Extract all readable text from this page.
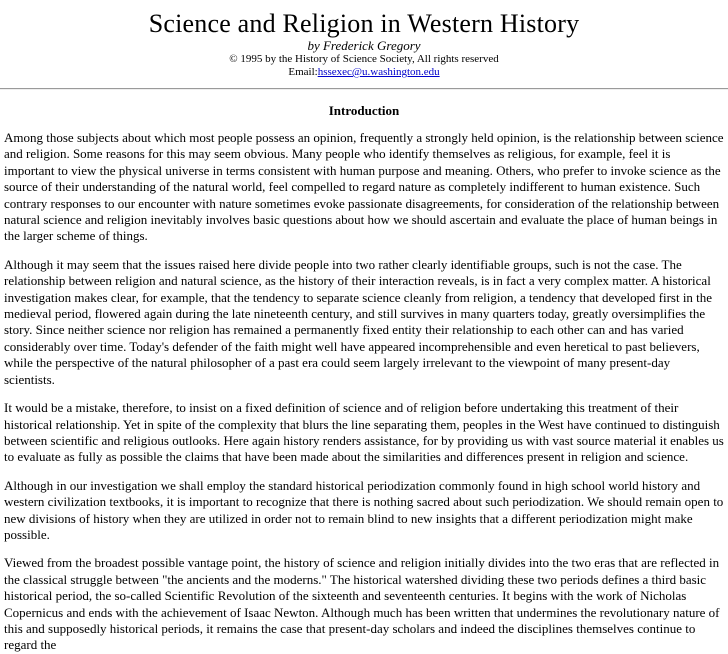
Science and Religion in Western History

by Frederick Gregory

© 1995 by the History of Science Society, All rights reserved

Email:hssexec@u.washington.edu

Introduction

Among those subjects about which most people possess an opinion, frequently a strongly held opinion, is the relationship between science and religion. Some reasons for this may seem obvious. Many people who identify themselves as religious, for example, feel it is important to view the physical universe in terms consistent with human purpose and meaning. Others, who prefer to invoke science as the source of their understanding of the natural world, feel compelled to regard nature as completely indifferent to human existence. Such contrary responses to our encounter with nature sometimes evoke passionate disagreements, for consideration of the relationship between natural science and religion inevitably involves basic questions about how we should ascertain and evaluate the place of human beings in the larger scheme of things.

Although it may seem that the issues raised here divide people into two rather clearly identifiable groups, such is not the case. The relationship between religion and natural science, as the history of their interaction reveals, is in fact a very complex matter. A historical investigation makes clear, for example, that the tendency to separate science cleanly from religion, a tendency that developed first in the medieval period, flowered again during the late nineteenth century, and still survives in many quarters today, greatly oversimplifies the story. Since neither science nor religion has remained a permanently fixed entity their relationship to each other can and has varied considerably over time. Today's defender of the faith might well have appeared incomprehensible and even heretical to past believers, while the perspective of the natural philosopher of a past era could seem largely irrelevant to the viewpoint of many present-day scientists.

It would be a mistake, therefore, to insist on a fixed definition of science and of religion before undertaking this treatment of their historical relationship. Yet in spite of the complexity that blurs the line separating them, peoples in the West have continued to distinguish between scientific and religious outlooks. Here again history renders assistance, for by providing us with vast source material it enables us to evaluate as fully as possible the claims that have been made about the similarities and differences present in religion and science.

Although in our investigation we shall employ the standard historical periodization commonly found in high school world history and western civilization textbooks, it is important to recognize that there is nothing sacred about such periodization. We should remain open to new divisions of history when they are utilized in order not to remain blind to new insights that a different periodization might make possible.

Viewed from the broadest possible vantage point, the history of science and religion initially divides into the two eras that are reflected in the classical struggle between "the ancients and the moderns." The historical watershed dividing these two periods defines a third basic historical period, the so-called Scientific Revolution of the sixteenth and seventeenth centuries. It begins with the work of Nicholas Copernicus and ends with the achievement of Isaac Newton. Although much has been written that undermines the revolutionary nature of this and supposedly historical periods, it remains the case that present-day scholars and indeed the disciplines themselves continue to regard the
